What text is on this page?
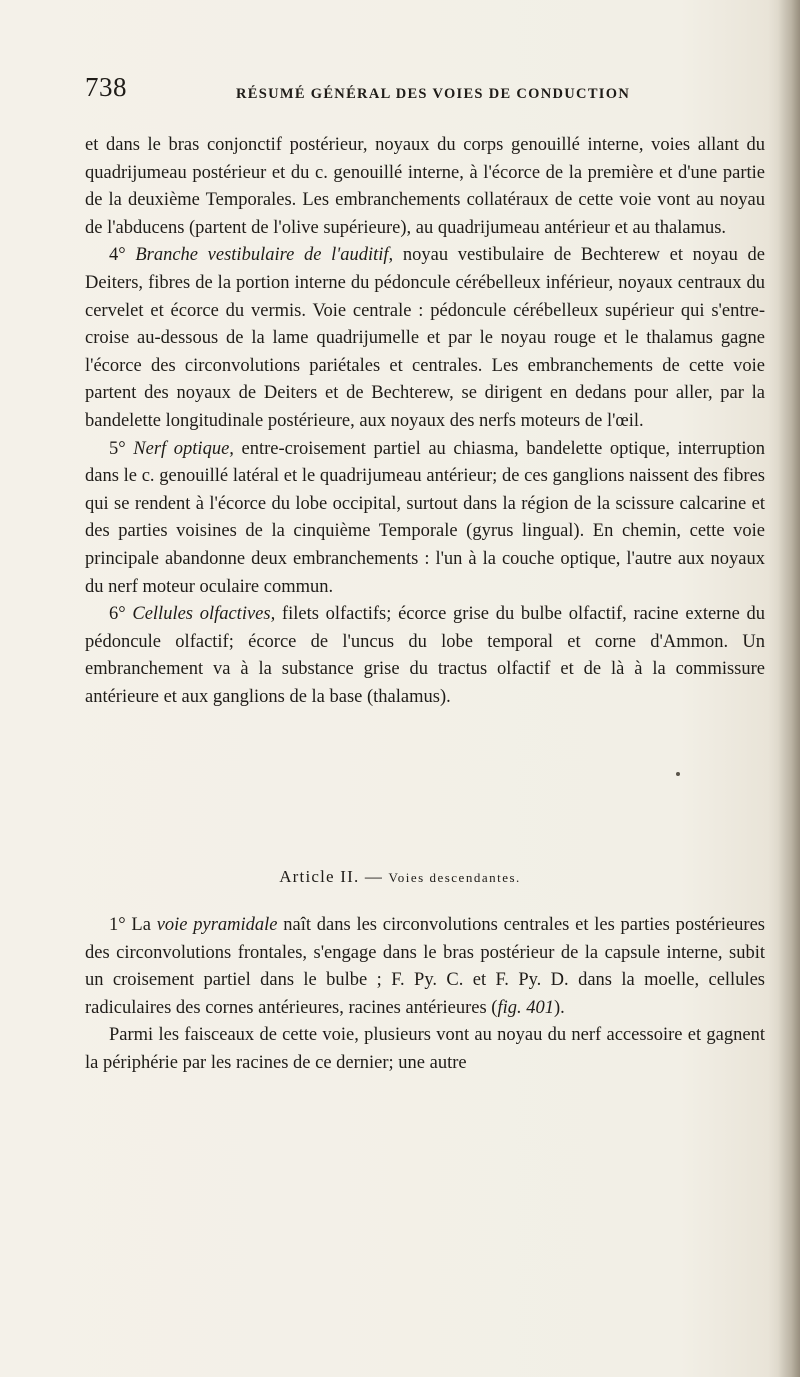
738	RÉSUMÉ GÉNÉRAL DES VOIES DE CONDUCTION

et dans le bras conjonctif postérieur, noyaux du corps genouillé interne, voies allant du quadrijumeau postérieur et du c. genouillé interne, à l'écorce de la première et d'une partie de la deuxième Temporales. Les embranchements collatéraux de cette voie vont au noyau de l'abducens (partent de l'olive supérieure), au quadrijumeau antérieur et au thalamus.

4° Branche vestibulaire de l'auditif, noyau vestibulaire de Bechterew et noyau de Deiters, fibres de la portion interne du pédoncule cérébelleux inférieur, noyaux centraux du cervelet et écorce du vermis. Voie centrale : pédoncule cérébelleux supérieur qui s'entre-croise au-dessous de la lame quadrijumelle et par le noyau rouge et le thalamus gagne l'écorce des circonvolutions pariétales et centrales. Les embranchements de cette voie partent des noyaux de Deiters et de Bechterew, se dirigent en dedans pour aller, par la bandelette longitudinale postérieure, aux noyaux des nerfs moteurs de l'œil.

5° Nerf optique, entre-croisement partiel au chiasma, bandelette optique, interruption dans le c. genouillé latéral et le quadrijumeau antérieur; de ces ganglions naissent des fibres qui se rendent à l'écorce du lobe occipital, surtout dans la région de la scissure calcarine et des parties voisines de la cinquième Temporale (gyrus lingual). En chemin, cette voie principale abandonne deux embranchements : l'un à la couche optique, l'autre aux noyaux du nerf moteur oculaire commun.

6° Cellules olfactives, filets olfactifs; écorce grise du bulbe olfactif, racine externe du pédoncule olfactif; écorce de l'uncus du lobe temporal et corne d'Ammon. Un embranchement va à la substance grise du tractus olfactif et de là à la commissure antérieure et aux ganglions de la base (thalamus).

Article II. — Voies descendantes.

1° La voie pyramidale naît dans les circonvolutions centrales et les parties postérieures des circonvolutions frontales, s'engage dans le bras postérieur de la capsule interne, subit un croisement partiel dans le bulbe ; F. Py. C. et F. Py. D. dans la moelle, cellules radiculaires des cornes antérieures, racines antérieures (fig. 401).

Parmi les faisceaux de cette voie, plusieurs vont au noyau du nerf accessoire et gagnent la périphérie par les racines de ce dernier; une autre
